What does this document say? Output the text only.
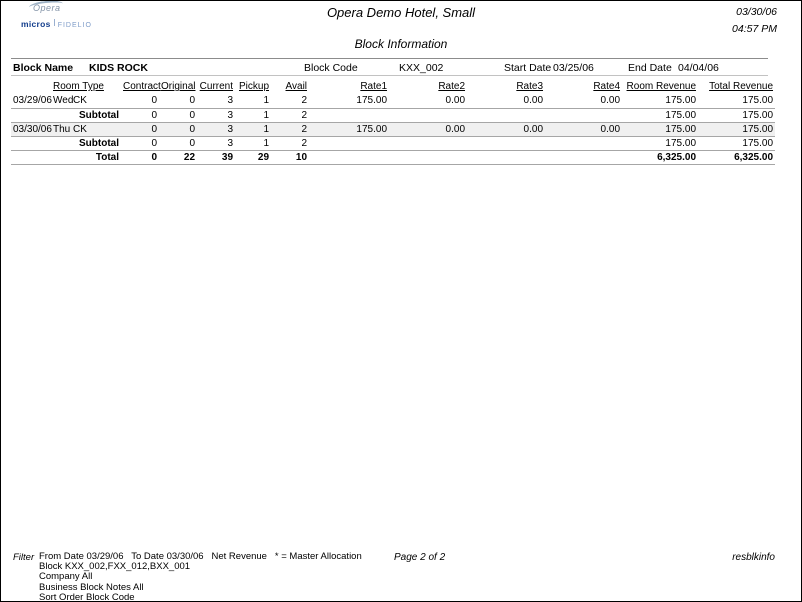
Opera
micros FIDELIO
Opera Demo Hotel, Small	03/30/06
04:57 PM
Block Information
Block Name KIDS ROCK	Block Code	KXX_002	Start Date 03/25/06	End Date 04/04/06
	Room Type		Contract	Original	Current	Pickup	Avail	Rate1	Rate2	Rate3	Rate4	Room Revenue	Total Revenue
03/29/06	Wed	CK	0	0	3	1	2	175.00	0.00	0.00	0.00	175.00	175.00
Subtotal			0	0	3	1	2					175.00	175.00
03/30/06	Thu	CK	0	0	3	1	2	175.00	0.00	0.00	0.00	175.00	175.00
Subtotal			0	0	3	1	2					175.00	175.00
Total			0	22	39	29	10					6,325.00	6,325.00
Filter From Date 03/29/06   To Date 03/30/06   Net Revenue   * = Master Allocation
Block KXX_002,FXX_012,BXX_001
Company All
Business Block Notes All
Sort Order Block Code
Page 2 of 2	resblkinfo
